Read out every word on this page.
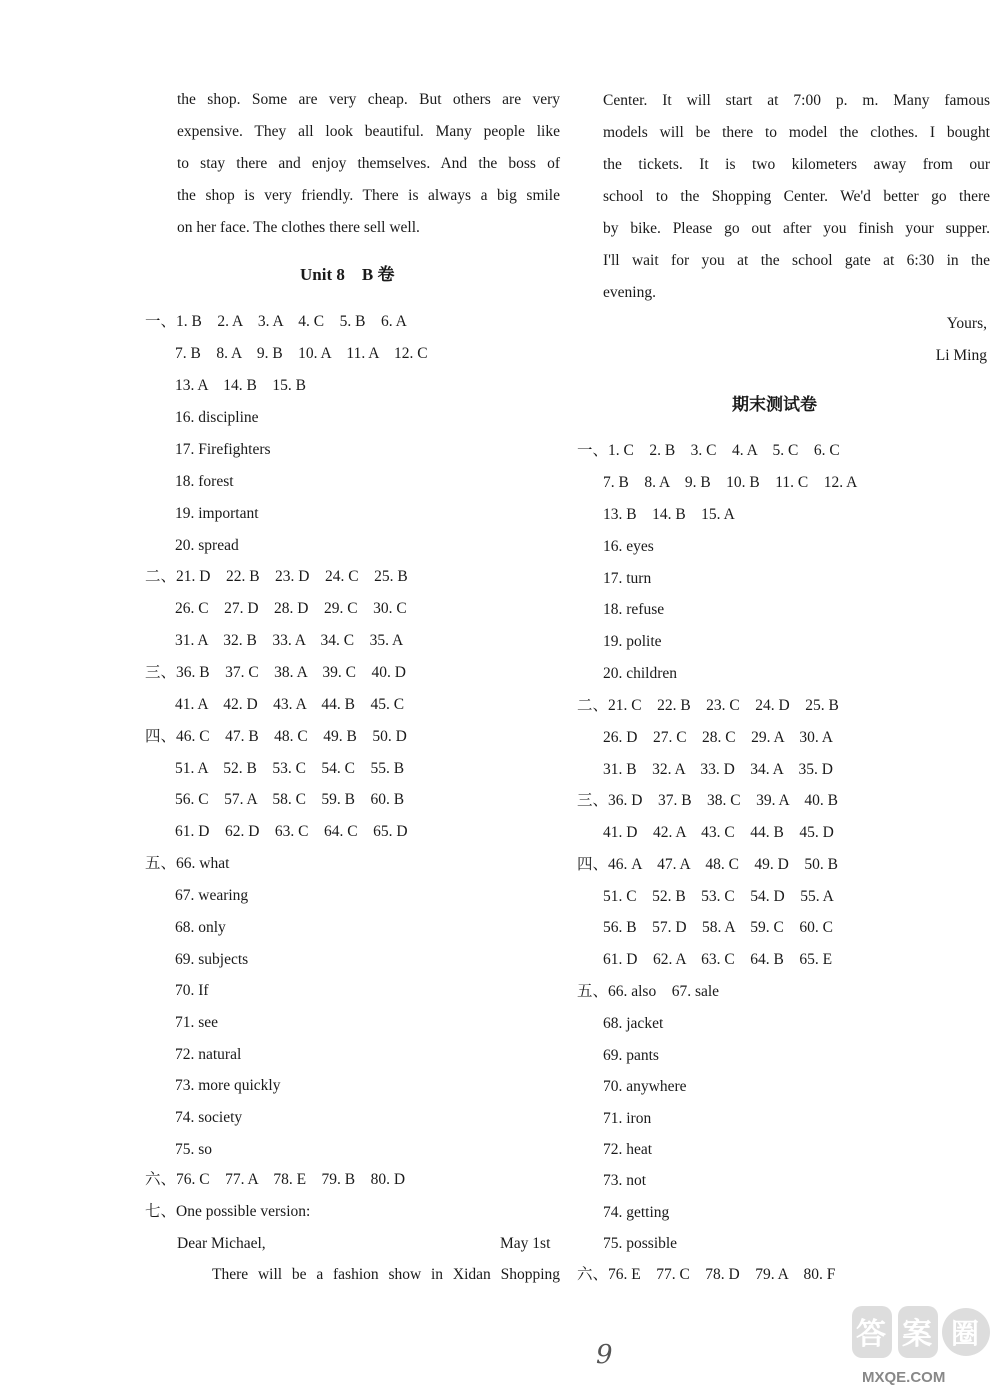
the shop. Some are very cheap. But others are very
expensive. They all look beautiful. Many people like
to stay there and enjoy themselves. And the boss of
the shop is very friendly. There is always a big smile
on her face. The clothes there sell well.
Unit 8　B 卷
一、1. B　2. A　3. A　4. C　5. B　6. A
7. B　8. A　9. B　10. A　11. A　12. C
13. A　14. B　15. B
16. discipline
17. Firefighters
18. forest
19. important
20. spread
二、21. D　22. B　23. D　24. C　25. B
26. C　27. D　28. D　29. C　30. C
31. A　32. B　33. A　34. C　35. A
三、36. B　37. C　38. A　39. C　40. D
41. A　42. D　43. A　44. B　45. C
四、46. C　47. B　48. C　49. B　50. D
51. A　52. B　53. C　54. C　55. B
56. C　57. A　58. C　59. B　60. B
61. D　62. D　63. C　64. C　65. D
五、66. what
67. wearing
68. only
69. subjects
70. If
71. see
72. natural
73. more quickly
74. society
75. so
六、76. C　77. A　78. E　79. B　80. D
七、One possible version:
Dear Michael,	May 1st
There will be a fashion show in Xidan Shopping
Center. It will start at 7:00 p. m. Many famous
models will be there to model the clothes. I bought
the tickets. It is two kilometers away from our
school to the Shopping Center. We'd better go there
by bike. Please go out after you finish your supper.
I'll wait for you at the school gate at 6:30 in the
evening.
Yours,
Li Ming
期末测试卷
一、1. C　2. B　3. C　4. A　5. C　6. C
7. B　8. A　9. B　10. B　11. C　12. A
13. B　14. B　15. A
16. eyes
17. turn
18. refuse
19. polite
20. children
二、21. C　22. B　23. C　24. D　25. B
26. D　27. C　28. C　29. A　30. A
31. B　32. A　33. D　34. A　35. D
三、36. D　37. B　38. C　39. A　40. B
41. D　42. A　43. C　44. B　45. D
四、46. A　47. A　48. C　49. D　50. B
51. C　52. B　53. C　54. D　55. A
56. B　57. D　58. A　59. C　60. C
61. D　62. A　63. C　64. B　65. E
五、66. also　67. sale
68. jacket
69. pants
70. anywhere
71. iron
72. heat
73. not
74. getting
75. possible
六、76. E　77. C　78. D　79. A　80. F
9
答 案 圈
MXQE.COM
